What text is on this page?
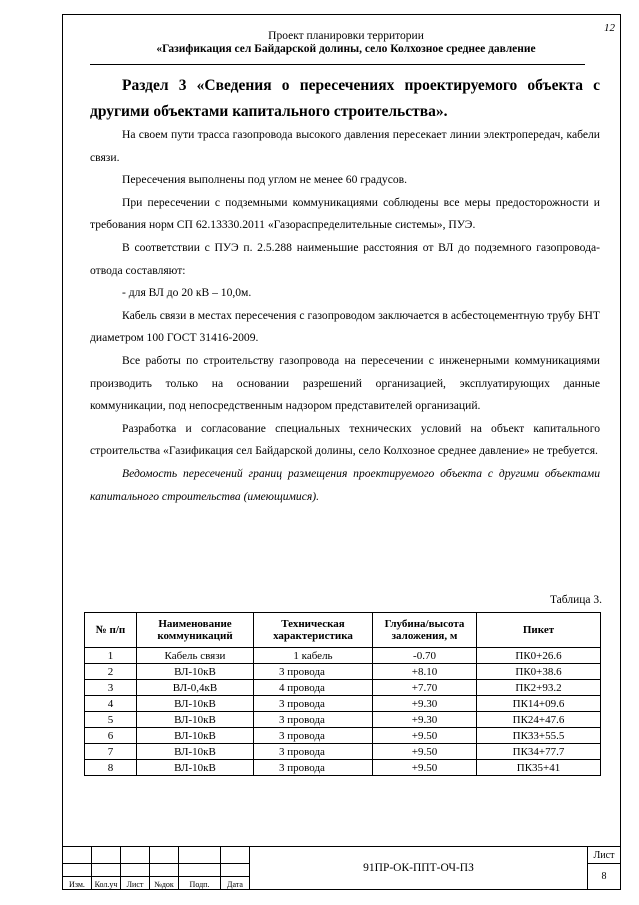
12
Проект планировки территории
«Газификация сел Байдарской долины, село Колхозное среднее давление
Раздел 3 «Сведения о пересечениях проектируемого объекта с другими объектами капитального строительства».

На своем пути трасса газопровода высокого давления пересекает линии электропередач, кабели связи.

Пересечения выполнены под углом не менее 60 градусов.

При пересечении с подземными коммуникациями соблюдены все меры предосторожности и требования норм СП 62.13330.2011 «Газораспределительные системы», ПУЭ.

В соответствии с ПУЭ п. 2.5.288 наименьшие расстояния от ВЛ до подземного газопровода-отвода составляют:

- для ВЛ до 20 кВ – 10,0м.

Кабель связи в местах пересечения с газопроводом заключается в асбестоцементную трубу БНТ диаметром 100 ГОСТ 31416-2009.

Все работы по строительству газопровода на пересечении с инженерными коммуникациями производить только на основании разрешений организацией, эксплуатирующих данные коммуникации, под непосредственным надзором представителей организаций.

Разработка и согласование специальных технических условий на объект капитального строительства «Газификация сел Байдарской долины, село Колхозное среднее давление» не требуется.

Ведомость пересечений границ размещения проектируемого объекта с другими объектами капитального строительства (имеющимися).

Таблица 3.
№ п/п	Наименование коммуникаций	Техническая характеристика	Глубина/высота заложения, м	Пикет
1	Кабель связи	1 кабель	-0.70	ПК0+26.6
2	ВЛ-10кВ	3 провода	+8.10	ПК0+38.6
3	ВЛ-0,4кВ	4 провода	+7.70	ПК2+93.2
4	ВЛ-10кВ	3 провода	+9.30	ПК14+09.6
5	ВЛ-10кВ	3 провода	+9.30	ПК24+47.6
6	ВЛ-10кВ	3 провода	+9.50	ПК33+55.5
7	ВЛ-10кВ	3 провода	+9.50	ПК34+77.7
8	ВЛ-10кВ	3 провода	+9.50	ПК35+41
						91ПР-ОК-ППТ-ОЧ-ПЗ	Лист
							8
Изм.	Кол.уч	Лист	№док	Подп.	Дата		
